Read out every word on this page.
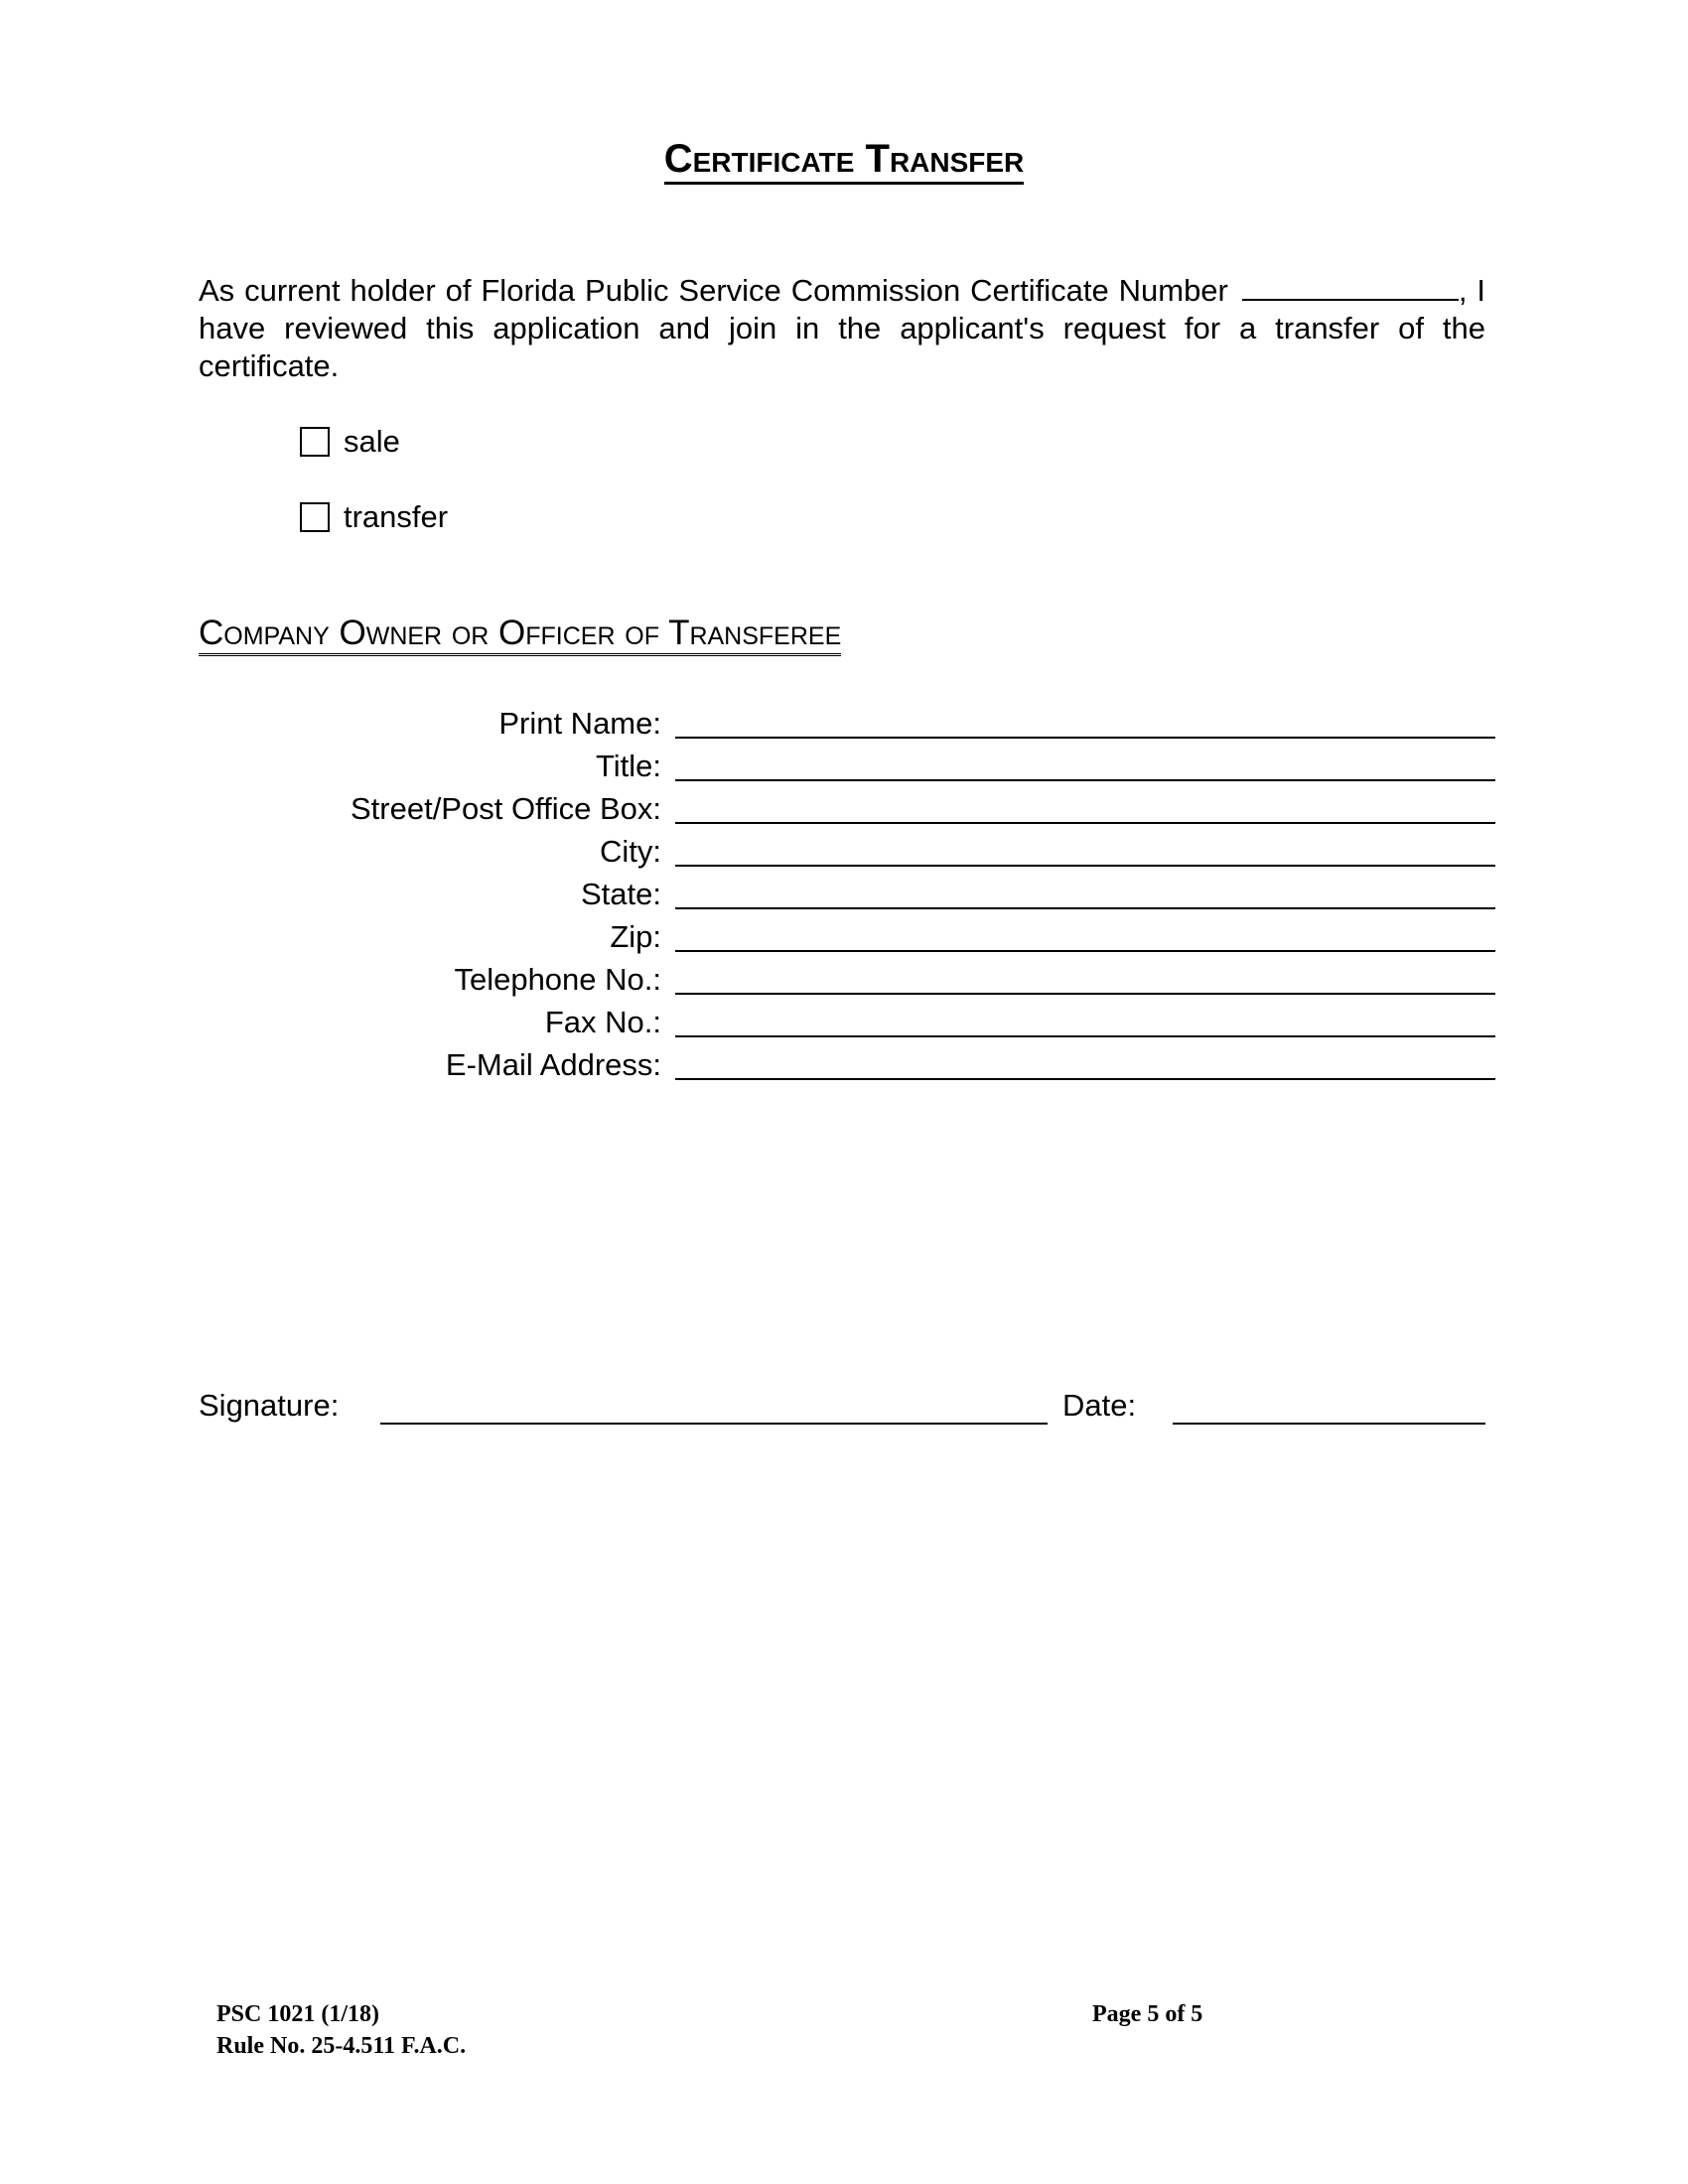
Certificate Transfer
As current holder of Florida Public Service Commission Certificate Number	, I have reviewed this application and join in the applicant's request for a transfer of the certificate.
sale
transfer
Company Owner or Officer of Transferee
Print Name:
Title:
Street/Post Office Box:
City:
State:
Zip:
Telephone No.:
Fax No.:
E-Mail Address:
Signature:	Date:
PSC 1021 (1/18)
Rule No. 25-4.511 F.A.C.
Page 5 of 5
